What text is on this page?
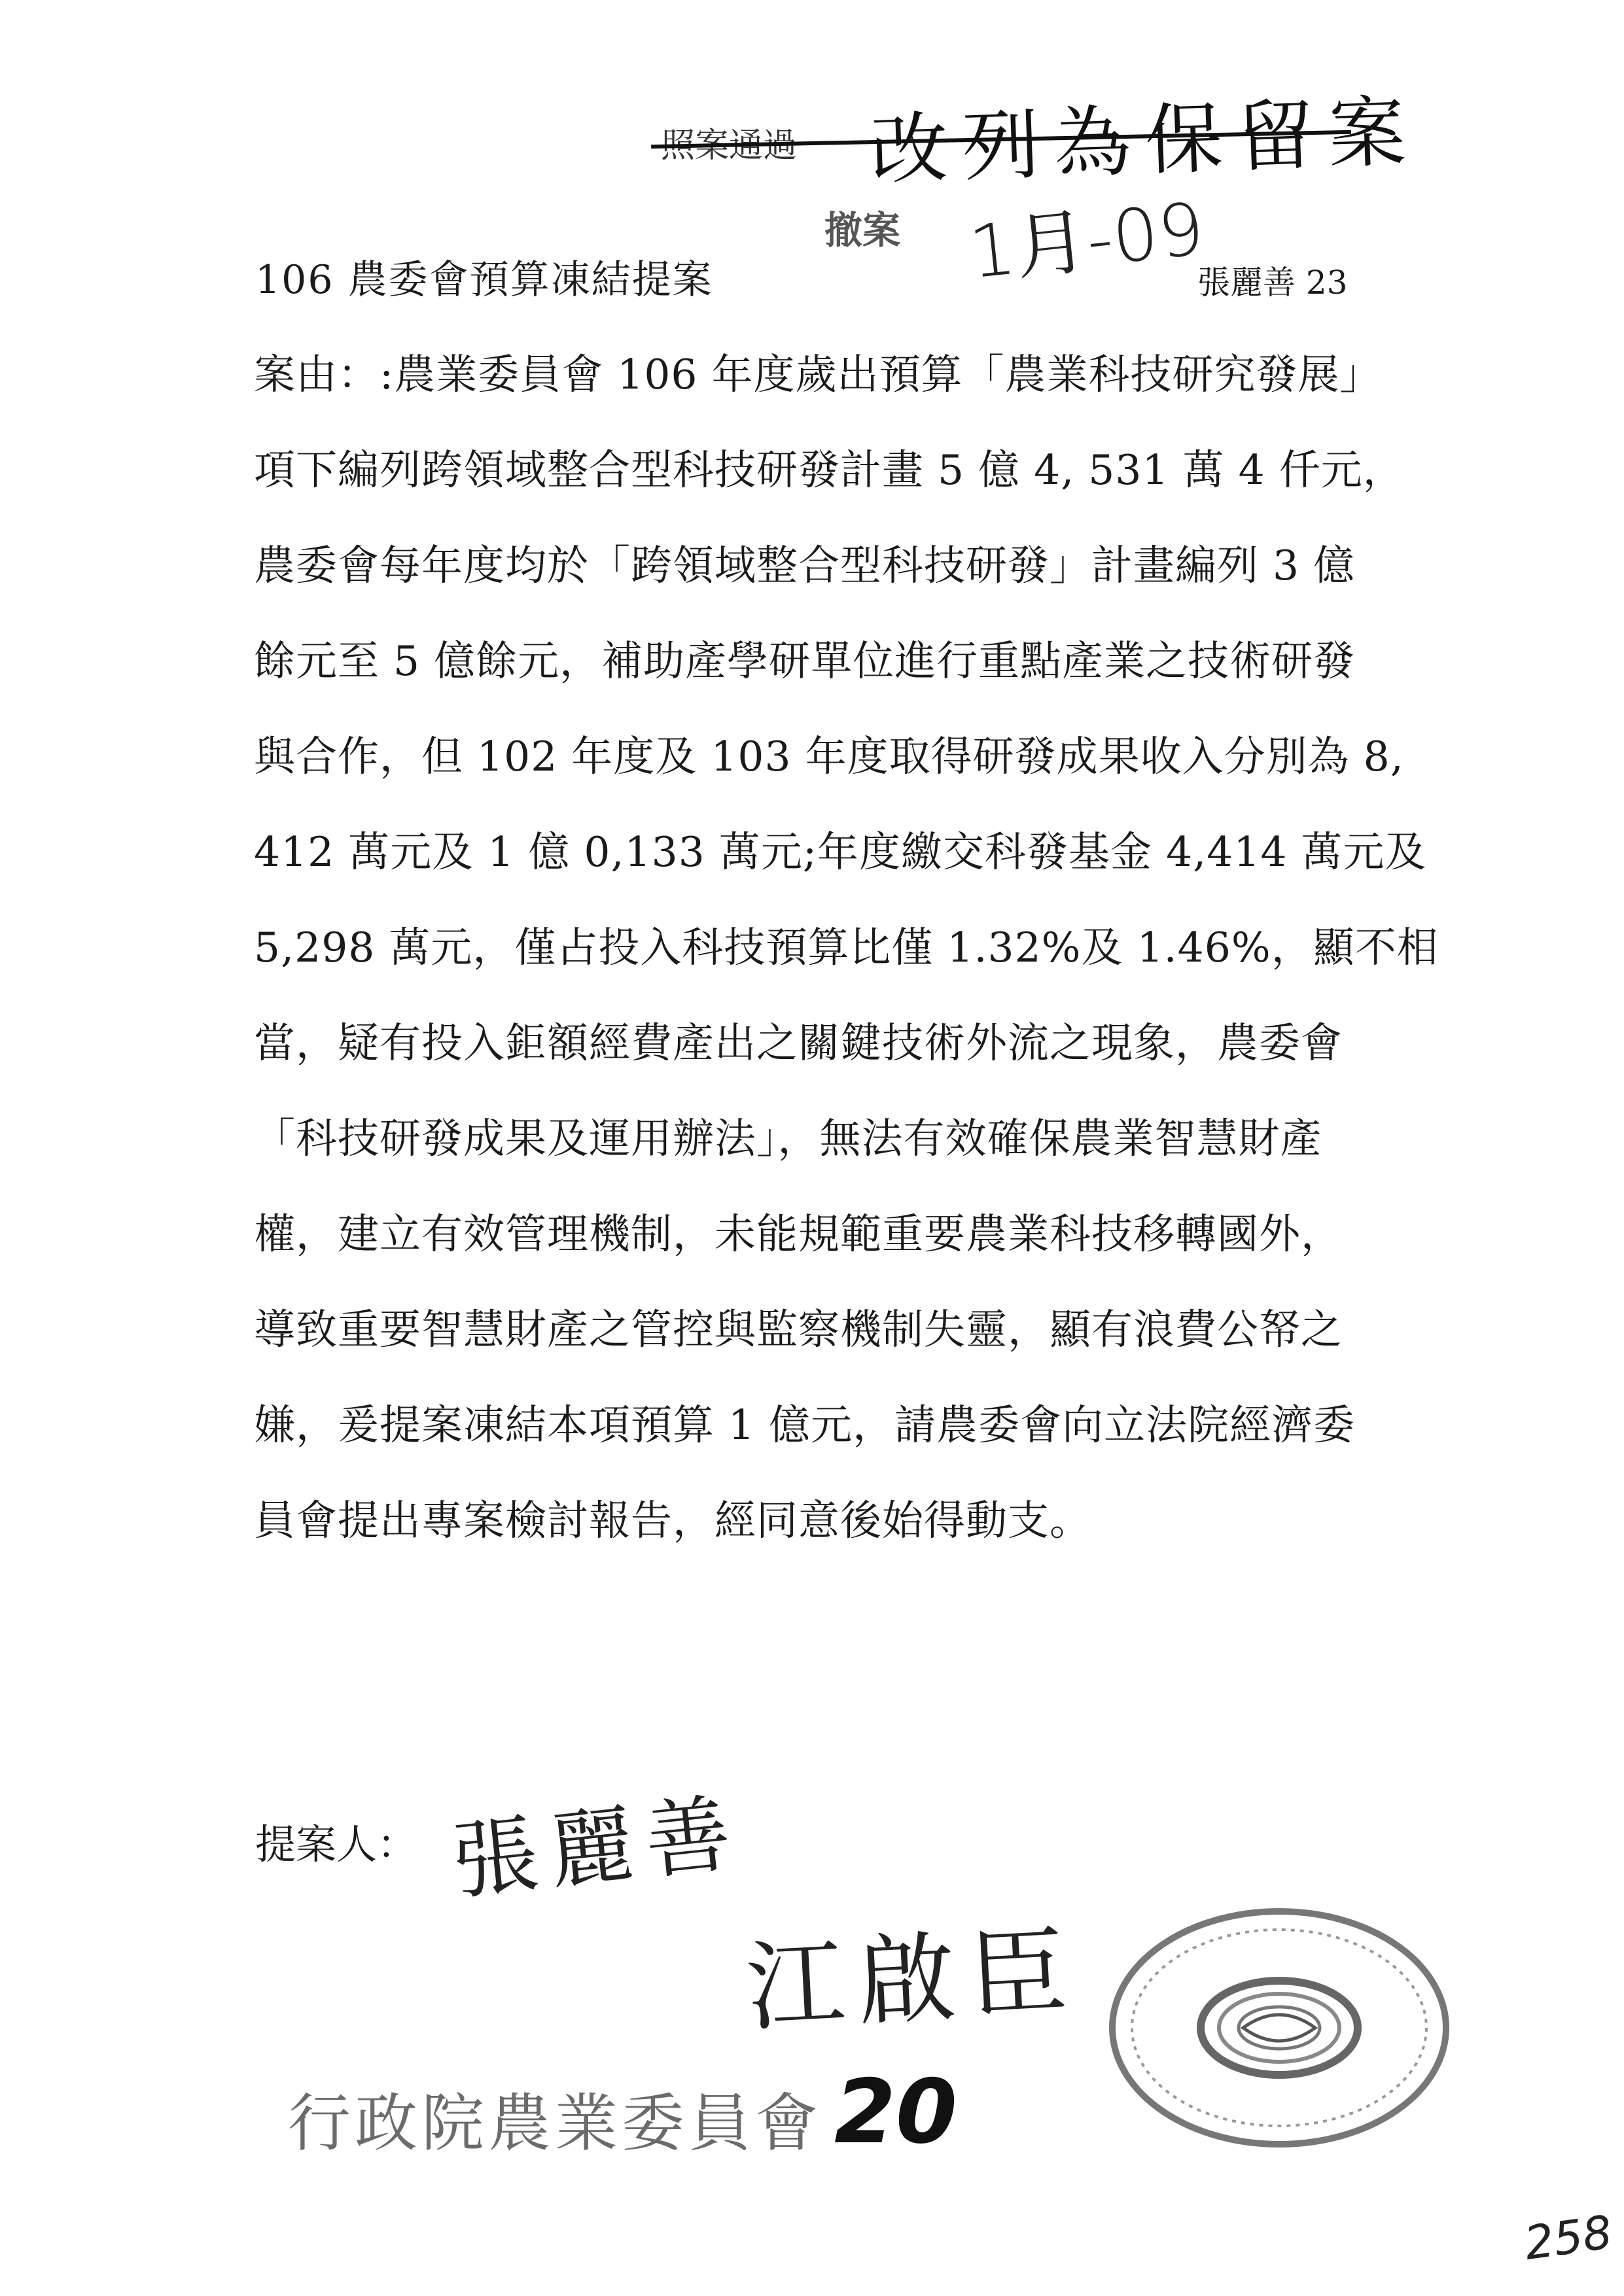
照案通過 改列為保留案
撤案 1月-09
106 農委會預算凍結提案	張麗善 23
案由：:農業委員會 106 年度歲出預算「農業科技研究發展」
項下編列跨領域整合型科技研發計畫 5 億 4, 531 萬 4 仟元，
農委會每年度均於「跨領域整合型科技研發」計畫編列 3 億
餘元至 5 億餘元，補助產學研單位進行重點產業之技術研發
與合作，但 102 年度及 103 年度取得研發成果收入分別為 8,
412 萬元及 1 億 0,133 萬元;年度繳交科發基金 4,414 萬元及
5,298 萬元，僅占投入科技預算比僅 1.32%及 1.46%，顯不相
當，疑有投入鉅額經費產出之關鍵技術外流之現象，農委會
「科技研發成果及運用辦法」，無法有效確保農業智慧財產
權，建立有效管理機制，未能規範重要農業科技移轉國外，
導致重要智慧財產之管控與監察機制失靈，顯有浪費公帑之
嫌，爰提案凍結本項預算 1 億元，請農委會向立法院經濟委
員會提出專案檢討報告，經同意後始得動支。
提案人： 張麗善
江啟臣
行政院農業委員會 20
258
